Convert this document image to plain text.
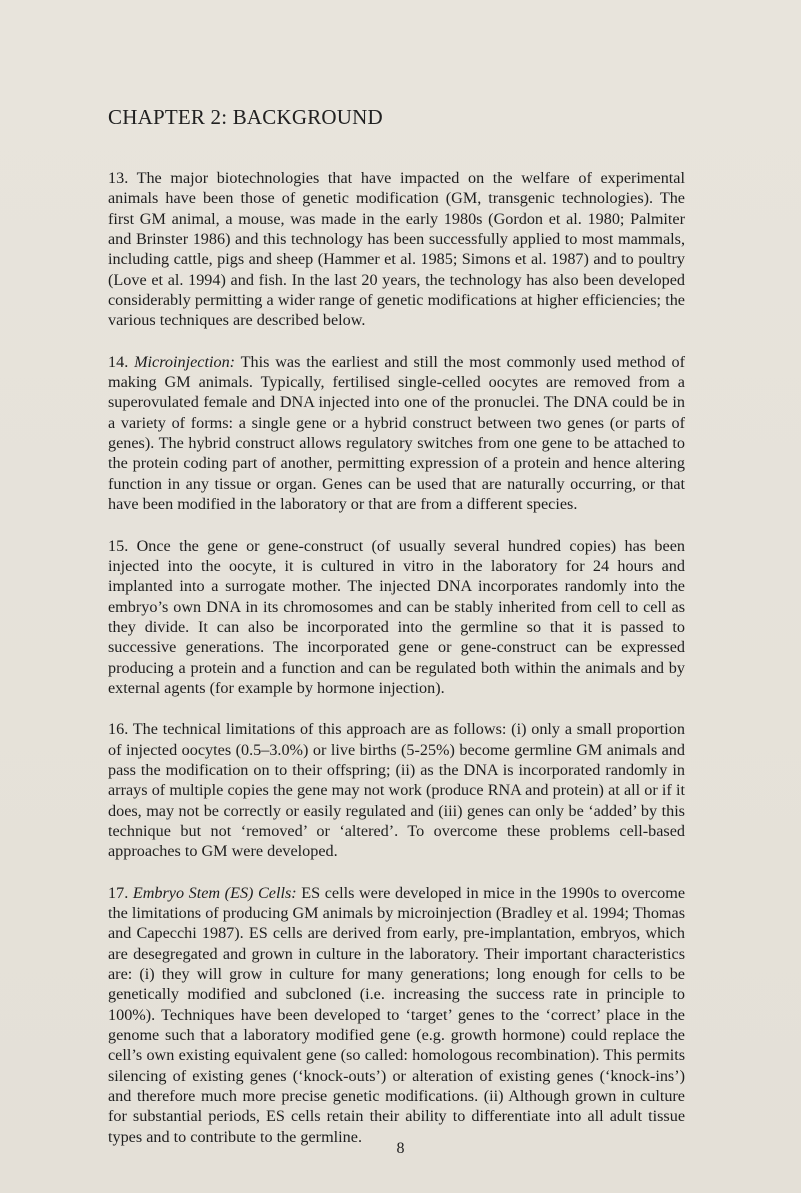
CHAPTER 2: BACKGROUND

13. The major biotechnologies that have impacted on the welfare of experimental animals have been those of genetic modification (GM, transgenic technologies). The first GM animal, a mouse, was made in the early 1980s (Gordon et al. 1980; Palmiter and Brinster 1986) and this technology has been successfully applied to most mammals, including cattle, pigs and sheep (Hammer et al. 1985; Simons et al. 1987) and to poultry (Love et al. 1994) and fish. In the last 20 years, the technology has also been developed considerably permitting a wider range of genetic modifications at higher efficiencies; the various techniques are described below.

14. Microinjection: This was the earliest and still the most commonly used method of making GM animals. Typically, fertilised single-celled oocytes are removed from a superovulated female and DNA injected into one of the pronuclei. The DNA could be in a variety of forms: a single gene or a hybrid construct between two genes (or parts of genes). The hybrid construct allows regulatory switches from one gene to be attached to the protein coding part of another, permitting expression of a protein and hence altering function in any tissue or organ. Genes can be used that are naturally occurring, or that have been modified in the laboratory or that are from a different species.

15. Once the gene or gene-construct (of usually several hundred copies) has been injected into the oocyte, it is cultured in vitro in the laboratory for 24 hours and implanted into a surrogate mother. The injected DNA incorporates randomly into the embryo’s own DNA in its chromosomes and can be stably inherited from cell to cell as they divide. It can also be incorporated into the germline so that it is passed to successive generations. The incorporated gene or gene-construct can be expressed producing a protein and a function and can be regulated both within the animals and by external agents (for example by hormone injection).

16. The technical limitations of this approach are as follows: (i) only a small proportion of injected oocytes (0.5–3.0%) or live births (5-25%) become germline GM animals and pass the modification on to their offspring; (ii) as the DNA is incorporated randomly in arrays of multiple copies the gene may not work (produce RNA and protein) at all or if it does, may not be correctly or easily regulated and (iii) genes can only be ‘added’ by this technique but not ‘removed’ or ‘altered’. To overcome these problems cell-based approaches to GM were developed.

17. Embryo Stem (ES) Cells: ES cells were developed in mice in the 1990s to overcome the limitations of producing GM animals by microinjection (Bradley et al. 1994; Thomas and Capecchi 1987). ES cells are derived from early, pre-implantation, embryos, which are desegregated and grown in culture in the laboratory. Their important characteristics are: (i) they will grow in culture for many generations; long enough for cells to be genetically modified and subcloned (i.e. increasing the success rate in principle to 100%). Techniques have been developed to ‘target’ genes to the ‘correct’ place in the genome such that a laboratory modified gene (e.g. growth hormone) could replace the cell’s own existing equivalent gene (so called: homologous recombination). This permits silencing of existing genes (‘knock-outs’) or alteration of existing genes (‘knock-ins’) and therefore much more precise genetic modifications. (ii) Although grown in culture for substantial periods, ES cells retain their ability to differentiate into all adult tissue types and to contribute to the germline.

8
